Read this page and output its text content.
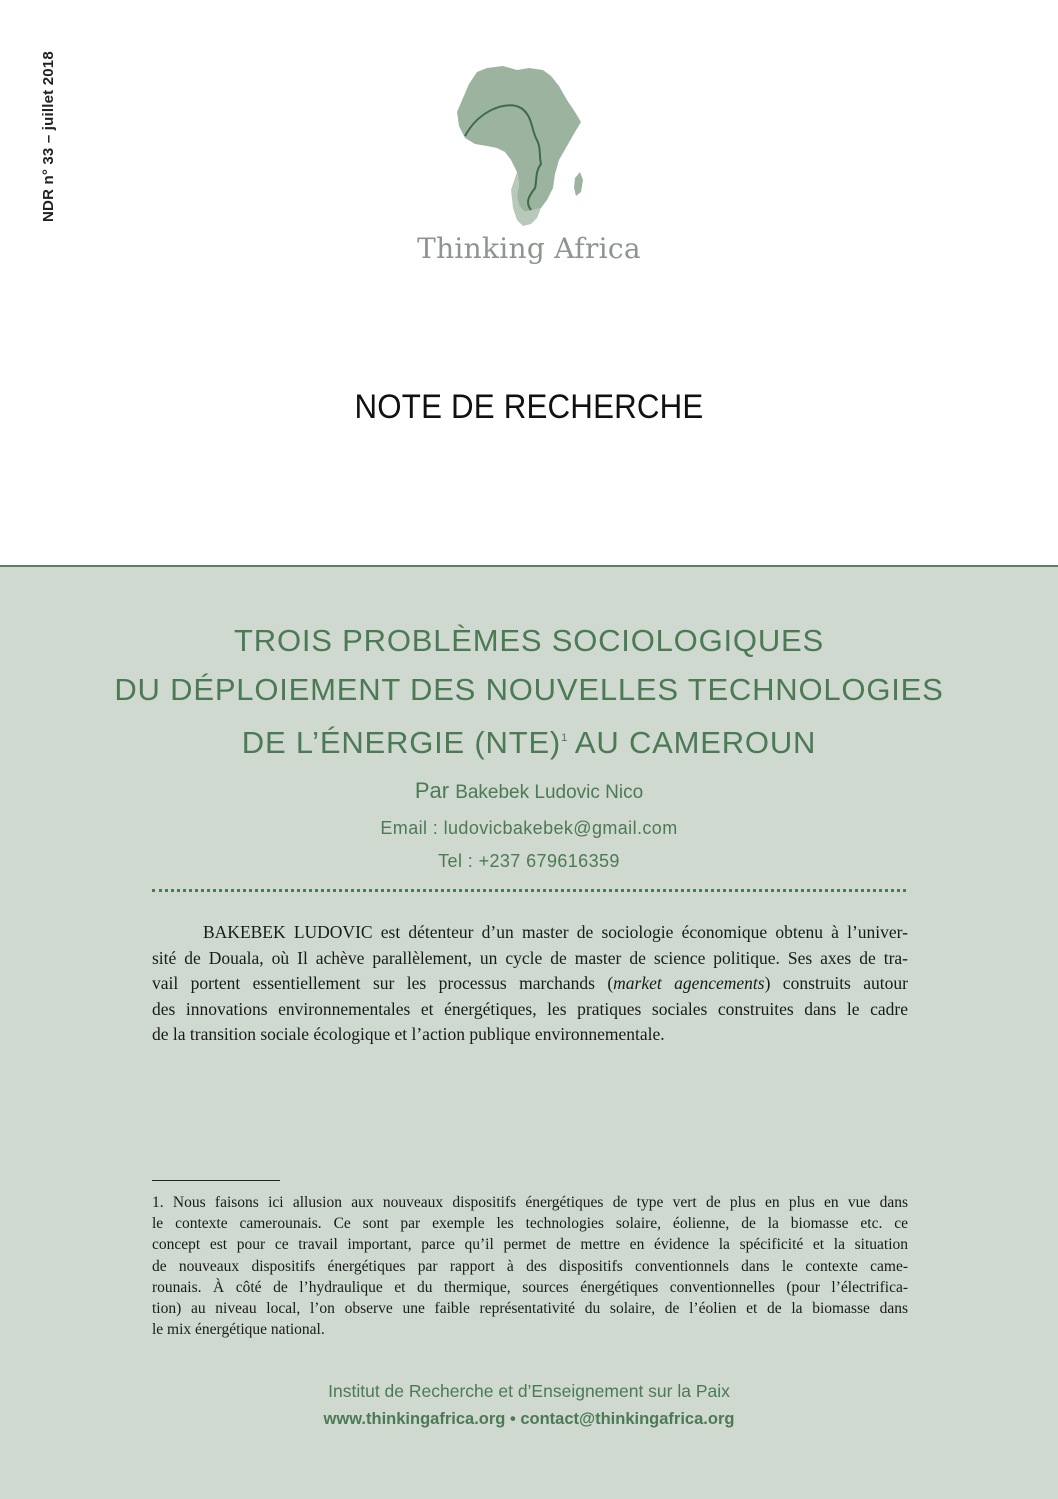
NDR n° 33 – juillet 2018
Thinking Africa
NOTE DE RECHERCHE
TROIS PROBLÈMES SOCIOLOGIQUES
DU DÉPLOIEMENT DES NOUVELLES TECHNOLOGIES
DE L’ÉNERGIE (NTE)$^1$ AU CAMEROUN
Par Bakebek Ludovic Nico
Email : ludovicbakebek@gmail.com
Tel : +237 679616359
BAKEBEK LUDOVIC est détenteur d’un master de sociologie économique obtenu à l’univer-
sité de Douala, où Il achève parallèlement, un cycle de master de science politique. Ses axes de tra-
vail portent essentiellement sur les processus marchands (market agencements) construits autour
des innovations environnementales et énergétiques, les pratiques sociales construites dans le cadre
de la transition sociale écologique et l’action publique environnementale.
1. Nous faisons ici allusion aux nouveaux dispositifs énergétiques de type vert de plus en plus en vue dans
le contexte camerounais. Ce sont par exemple les technologies solaire, éolienne, de la biomasse etc. ce
concept est pour ce travail important, parce qu’il permet de mettre en évidence la spécificité et la situation
de nouveaux dispositifs énergétiques par rapport à des dispositifs conventionnels dans le contexte came-
rounais. À côté de l’hydraulique et du thermique, sources énergétiques conventionnelles (pour l’électrifica-
tion) au niveau local, l’on observe une faible représentativité du solaire, de l’éolien et de la biomasse dans
le mix énergétique national.
Institut de Recherche et d’Enseignement sur la Paix
www.thinkingafrica.org • contact@thinkingafrica.org
